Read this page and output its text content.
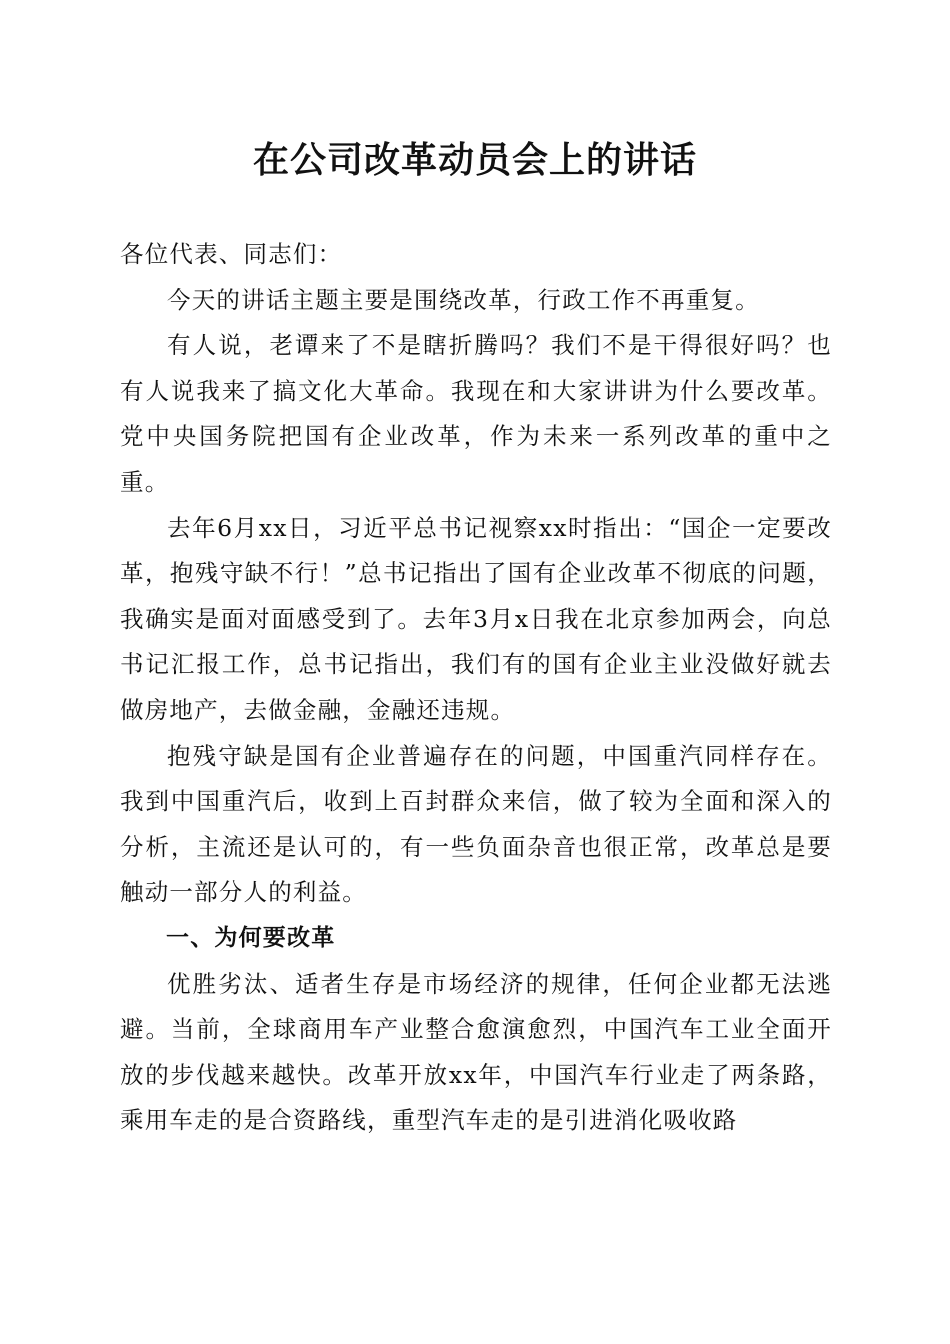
在公司改革动员会上的讲话

各位代表、同志们：

今天的讲话主题主要是围绕改革，行政工作不再重复。

有人说，老谭来了不是瞎折腾吗？我们不是干得很好吗？也有人说我来了搞文化大革命。我现在和大家讲讲为什么要改革。党中央国务院把国有企业改革，作为未来一系列改革的重中之重。

去年6月xx日，习近平总书记视察xx时指出：“国企一定要改革，抱残守缺不行！”总书记指出了国有企业改革不彻底的问题，我确实是面对面感受到了。去年3月x日我在北京参加两会，向总书记汇报工作，总书记指出，我们有的国有企业主业没做好就去做房地产，去做金融，金融还违规。

抱残守缺是国有企业普遍存在的问题，中国重汽同样存在。我到中国重汽后，收到上百封群众来信，做了较为全面和深入的分析，主流还是认可的，有一些负面杂音也很正常，改革总是要触动一部分人的利益。

一、为何要改革

优胜劣汰、适者生存是市场经济的规律，任何企业都无法逃避。当前，全球商用车产业整合愈演愈烈，中国汽车工业全面开放的步伐越来越快。改革开放xx年，中国汽车行业走了两条路，乘用车走的是合资路线，重型汽车走的是引进消化吸收路
